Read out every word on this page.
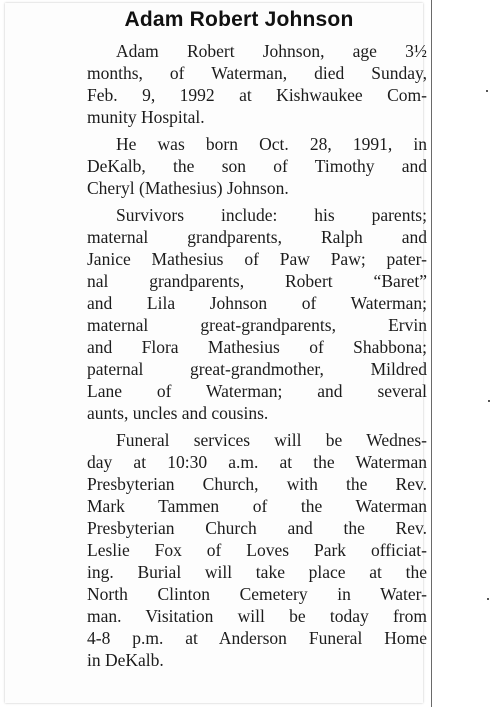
Adam Robert Johnson

Adam Robert Johnson, age 3½

months, of Waterman, died Sunday,

Feb. 9, 1992 at Kishwaukee Com-

munity Hospital.

He was born Oct. 28, 1991, in

DeKalb, the son of Timothy and

Cheryl (Mathesius) Johnson.

Survivors include: his parents;

maternal grandparents, Ralph and

Janice Mathesius of Paw Paw; pater-

nal grandparents, Robert “Baret”

and Lila Johnson of Waterman;

maternal great-grandparents, Ervin

and Flora Mathesius of Shabbona;

paternal great-grandmother, Mildred

Lane of Waterman; and several

aunts, uncles and cousins.

Funeral services will be Wednes-

day at 10:30 a.m. at the Waterman

Presbyterian Church, with the Rev.

Mark Tammen of the Waterman

Presbyterian Church and the Rev.

Leslie Fox of Loves Park officiat-

ing. Burial will take place at the

North Clinton Cemetery in Water-

man. Visitation will be today from

4-8 p.m. at Anderson Funeral Home

in DeKalb.
